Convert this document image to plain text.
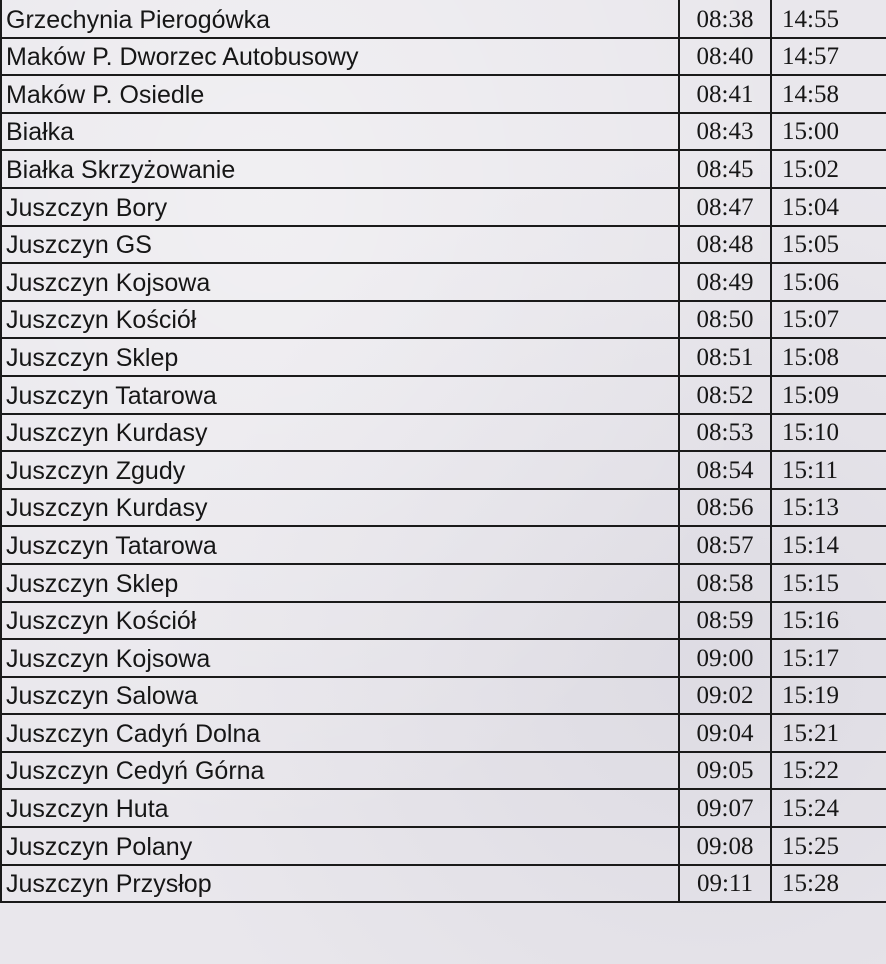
Grzechynia Pierogówka	08:38	14:55
Maków P. Dworzec Autobusowy	08:40	14:57
Maków P. Osiedle	08:41	14:58
Białka	08:43	15:00
Białka Skrzyżowanie	08:45	15:02
Juszczyn Bory	08:47	15:04
Juszczyn GS	08:48	15:05
Juszczyn Kojsowa	08:49	15:06
Juszczyn Kościół	08:50	15:07
Juszczyn Sklep	08:51	15:08
Juszczyn Tatarowa	08:52	15:09
Juszczyn Kurdasy	08:53	15:10
Juszczyn Zgudy	08:54	15:11
Juszczyn Kurdasy	08:56	15:13
Juszczyn Tatarowa	08:57	15:14
Juszczyn Sklep	08:58	15:15
Juszczyn Kościół	08:59	15:16
Juszczyn Kojsowa	09:00	15:17
Juszczyn Salowa	09:02	15:19
Juszczyn Cadyń Dolna	09:04	15:21
Juszczyn Cedyń Górna	09:05	15:22
Juszczyn Huta	09:07	15:24
Juszczyn Polany	09:08	15:25
Juszczyn Przysłop	09:11	15:28
